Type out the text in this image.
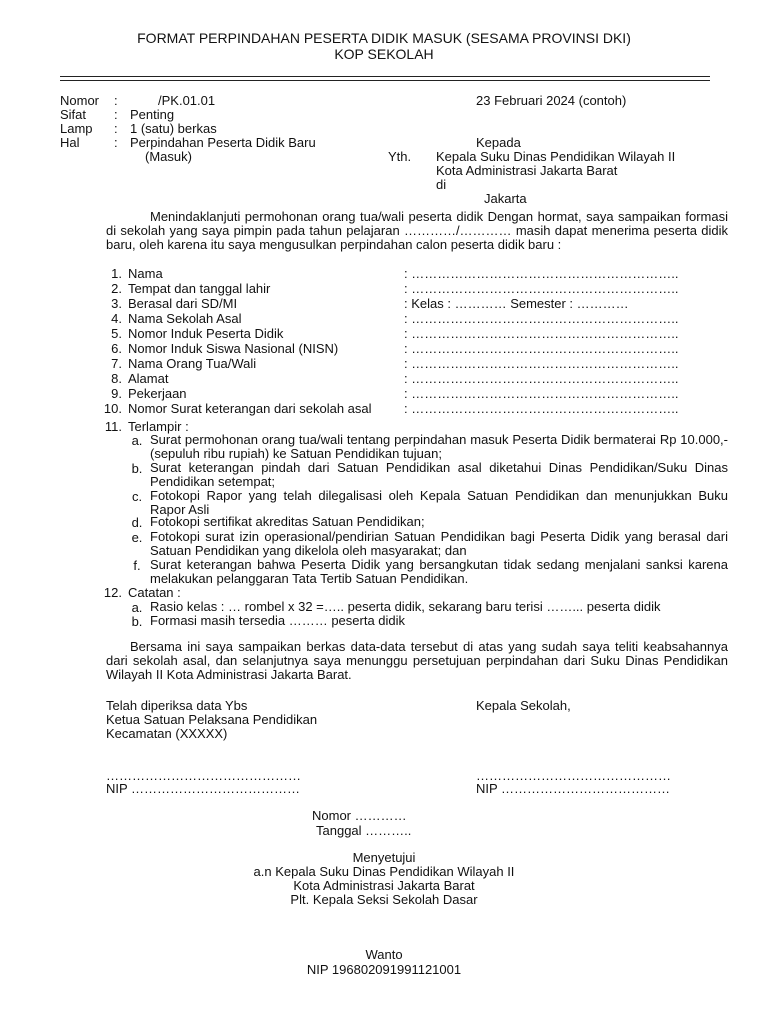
FORMAT PERPINDAHAN PESERTA DIDIK MASUK (SESAMA PROVINSI DKI)
KOP SEKOLAH
Nomor :	/PK.01.01
Sifat : Penting
Lamp : 1 (satu) berkas
Hal	: Perpindahan Peserta Didik Baru
(Masuk)
23 Februari 2024 (contoh)
Kepada
Yth. Kepala Suku Dinas Pendidikan Wilayah II
Kota Administrasi Jakarta Barat
di
Jakarta
Menindaklanjuti permohonan orang tua/wali peserta didik Dengan hormat, saya sampaikan formasi di sekolah yang saya pimpin pada tahun pelajaran …………/………… masih dapat menerima peserta didik baru, oleh karena itu saya mengusulkan perpindahan calon peserta didik baru :
1. Nama	: ……………………………………………………..
2. Tempat dan tanggal lahir	: ……………………………………………………..
3. Berasal dari SD/MI	: Kelas : ………… Semester : …………
4. Nama Sekolah Asal	: ……………………………………………………..
5. Nomor Induk Peserta Didik	: ……………………………………………………..
6. Nomor Induk Siswa Nasional (NISN)	: ……………………………………………………..
7. Nama Orang Tua/Wali	: ……………………………………………………..
8. Alamat	: ……………………………………………………..
9. Pekerjaan	: ……………………………………………………..
10. Nomor Surat keterangan dari sekolah asal : ……………………………………………………..
11. Terlampir :
a. Surat permohonan orang tua/wali tentang perpindahan masuk Peserta Didik bermaterai Rp 10.000,- (sepuluh ribu rupiah) ke Satuan Pendidikan tujuan;
b. Surat keterangan pindah dari Satuan Pendidikan asal diketahui Dinas Pendidikan/Suku Dinas Pendidikan setempat;
c. Fotokopi Rapor yang telah dilegalisasi oleh Kepala Satuan Pendidikan dan menunjukkan Buku Rapor Asli
d. Fotokopi sertifikat akreditas Satuan Pendidikan;
e. Fotokopi surat izin operasional/pendirian Satuan Pendidikan bagi Peserta Didik yang berasal dari Satuan Pendidikan yang dikelola oleh masyarakat; dan
f. Surat keterangan bahwa Peserta Didik yang bersangkutan tidak sedang menjalani sanksi karena melakukan pelanggaran Tata Tertib Satuan Pendidikan.
12. Catatan :
a. Rasio kelas : … rombel x 32 =….. peserta didik, sekarang baru terisi ……... peserta didik
b. Formasi masih tersedia ……… peserta didik
Bersama ini saya sampaikan berkas data-data tersebut di atas yang sudah saya teliti keabsahannya dari sekolah asal, dan selanjutnya saya menunggu persetujuan perpindahan dari Suku Dinas Pendidikan Wilayah II Kota Administrasi Jakarta Barat.
Telah diperiksa data Ybs
Ketua Satuan Pelaksana Pendidikan
Kecamatan (XXXXX)
………………………………………
NIP …………………………………
Kepala Sekolah,
………………………………………
NIP …………………………………
Nomor …………
Tanggal ………..
Menyetujui
a.n Kepala Suku Dinas Pendidikan Wilayah II
Kota Administrasi Jakarta Barat
Plt. Kepala Seksi Sekolah Dasar
Wanto
NIP 196802091991121001
